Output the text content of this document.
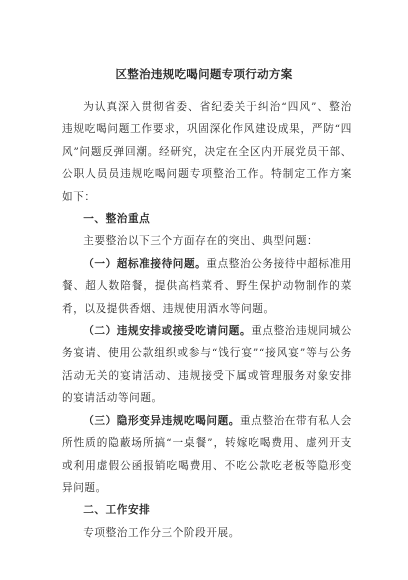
区整治违规吃喝问题专项行动方案

为认真深入贯彻省委、省纪委关于纠治“四风”、整治违规吃喝问题工作要求，巩固深化作风建设成果，严防“四风”问题反弹回潮。经研究，决定在全区内开展党员干部、公职人员员违规吃喝问题专项整治工作。特制定工作方案如下：

一、整治重点

主要整治以下三个方面存在的突出、典型问题：

（一）超标准接待问题。重点整治公务接待中超标准用餐、超人数陪餐，提供高档菜肴、野生保护动物制作的菜肴，以及提供香烟、违规使用酒水等问题。

（二）违规安排或接受吃请问题。重点整治违规同城公务宴请、使用公款组织或参与“饯行宴”“接风宴”等与公务活动无关的宴请活动、违规接受下属或管理服务对象安排的宴请活动等问题。

（三）隐形变异违规吃喝问题。重点整治在带有私人会所性质的隐蔽场所搞“一桌餐”，转嫁吃喝费用、虚列开支或利用虚假公函报销吃喝费用、不吃公款吃老板等隐形变异问题。

二、工作安排

专项整治工作分三个阶段开展。
